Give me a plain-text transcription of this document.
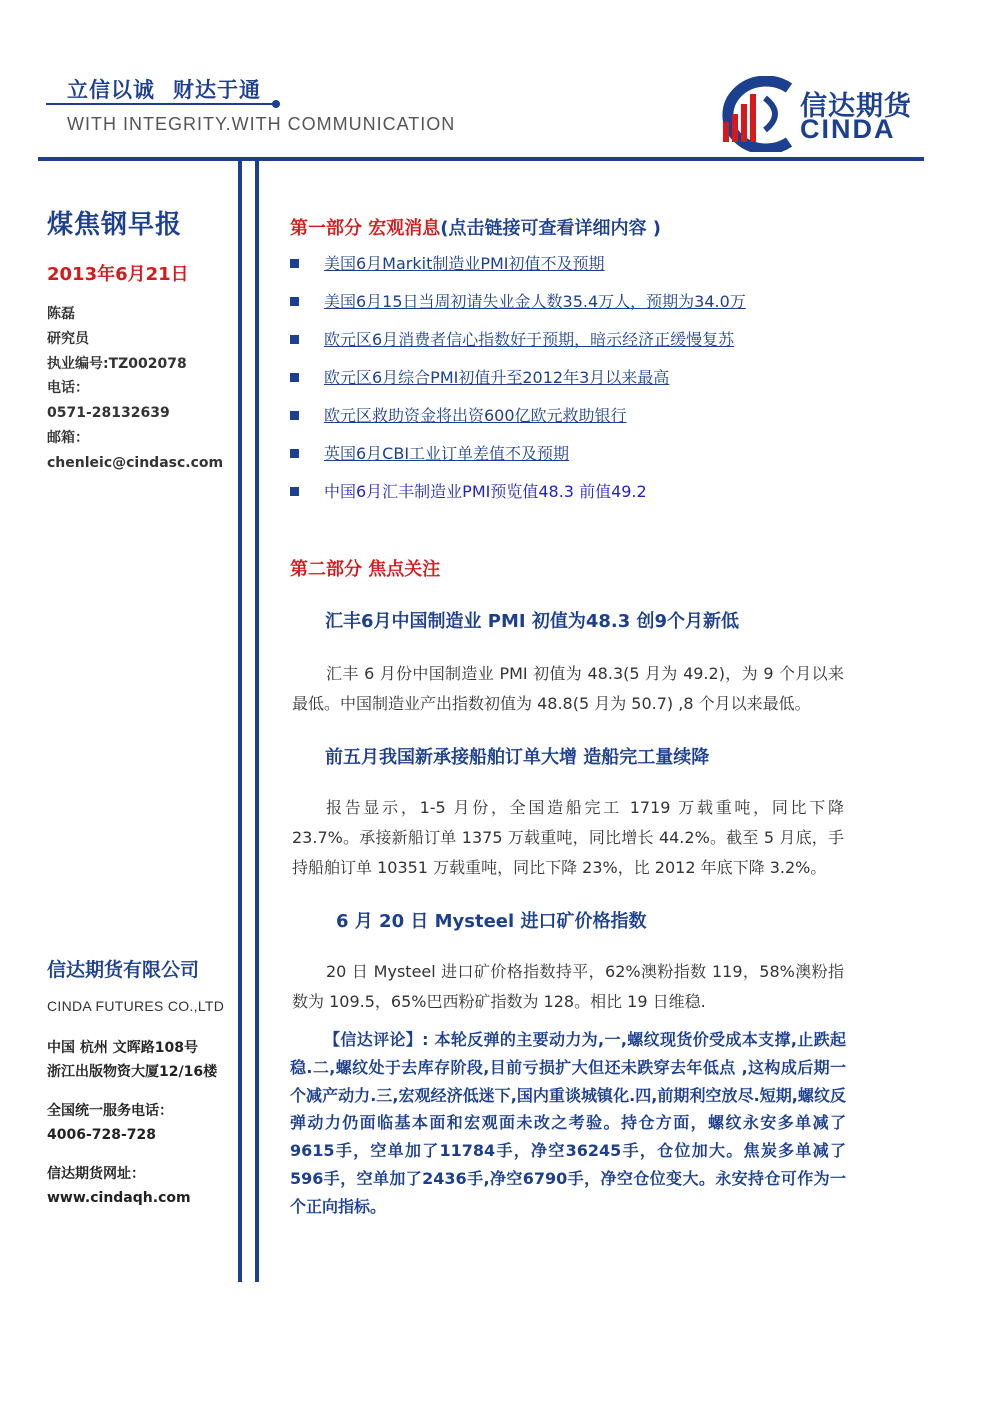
立信以诚 财达于通
WITH INTEGRITY.WITH COMMUNICATION
信达期货
CINDA
煤焦钢早报
2013年6月21日
陈磊
研究员
执业编号:TZ002078
电话：
0571-28132639
邮箱：
chenleic@cindasc.com
信达期货有限公司
CINDA FUTURES CO.,LTD
中国 杭州 文晖路108号
浙江出版物资大厦12/16楼
全国统一服务电话：
4006-728-728
信达期货网址：
www.cindaqh.com
第一部分 宏观消息(点击链接可查看详细内容 )
美国6月Markit制造业PMI初值不及预期
美国6月15日当周初请失业金人数35.4万人，预期为34.0万
欧元区6月消费者信心指数好于预期，暗示经济正缓慢复苏
欧元区6月综合PMI初值升至2012年3月以来最高
欧元区救助资金将出资600亿欧元救助银行
英国6月CBI工业订单差值不及预期
中国6月汇丰制造业PMI预览值48.3 前值49.2
第二部分 焦点关注
汇丰6月中国制造业 PMI 初值为48.3 创9个月新低
汇丰 6 月份中国制造业 PMI 初值为 48.3(5 月为 49.2)，为 9 个月以来最低。中国制造业产出指数初值为 48.8(5 月为 50.7) ,8 个月以来最低。
前五月我国新承接船舶订单大增 造船完工量续降
报告显示，1-5 月份，全国造船完工 1719 万载重吨，同比下降 23.7%。承接新船订单 1375 万载重吨，同比增长 44.2%。截至 5 月底，手持船舶订单 10351 万载重吨，同比下降 23%，比 2012 年底下降 3.2%。
6 月 20 日 Mysteel 进口矿价格指数
20 日 Mysteel 进口矿价格指数持平，62%澳粉指数 119，58%澳粉指数为 109.5，65%巴西粉矿指数为 128。相比 19 日维稳.
【信达评论】: 本轮反弹的主要动力为,一,螺纹现货价受成本支撑,止跌起稳.二,螺纹处于去库存阶段,目前亏损扩大但还未跌穿去年低点 ,这构成后期一个减产动力.三,宏观经济低迷下,国内重谈城镇化.四,前期利空放尽.短期,螺纹反弹动力仍面临基本面和宏观面未改之考验。持仓方面，螺纹永安多单减了9615手，空单加了11784手，净空36245手，仓位加大。焦炭多单减了596手，空单加了2436手,净空6790手，净空仓位变大。永安持仓可作为一个正向指标。
